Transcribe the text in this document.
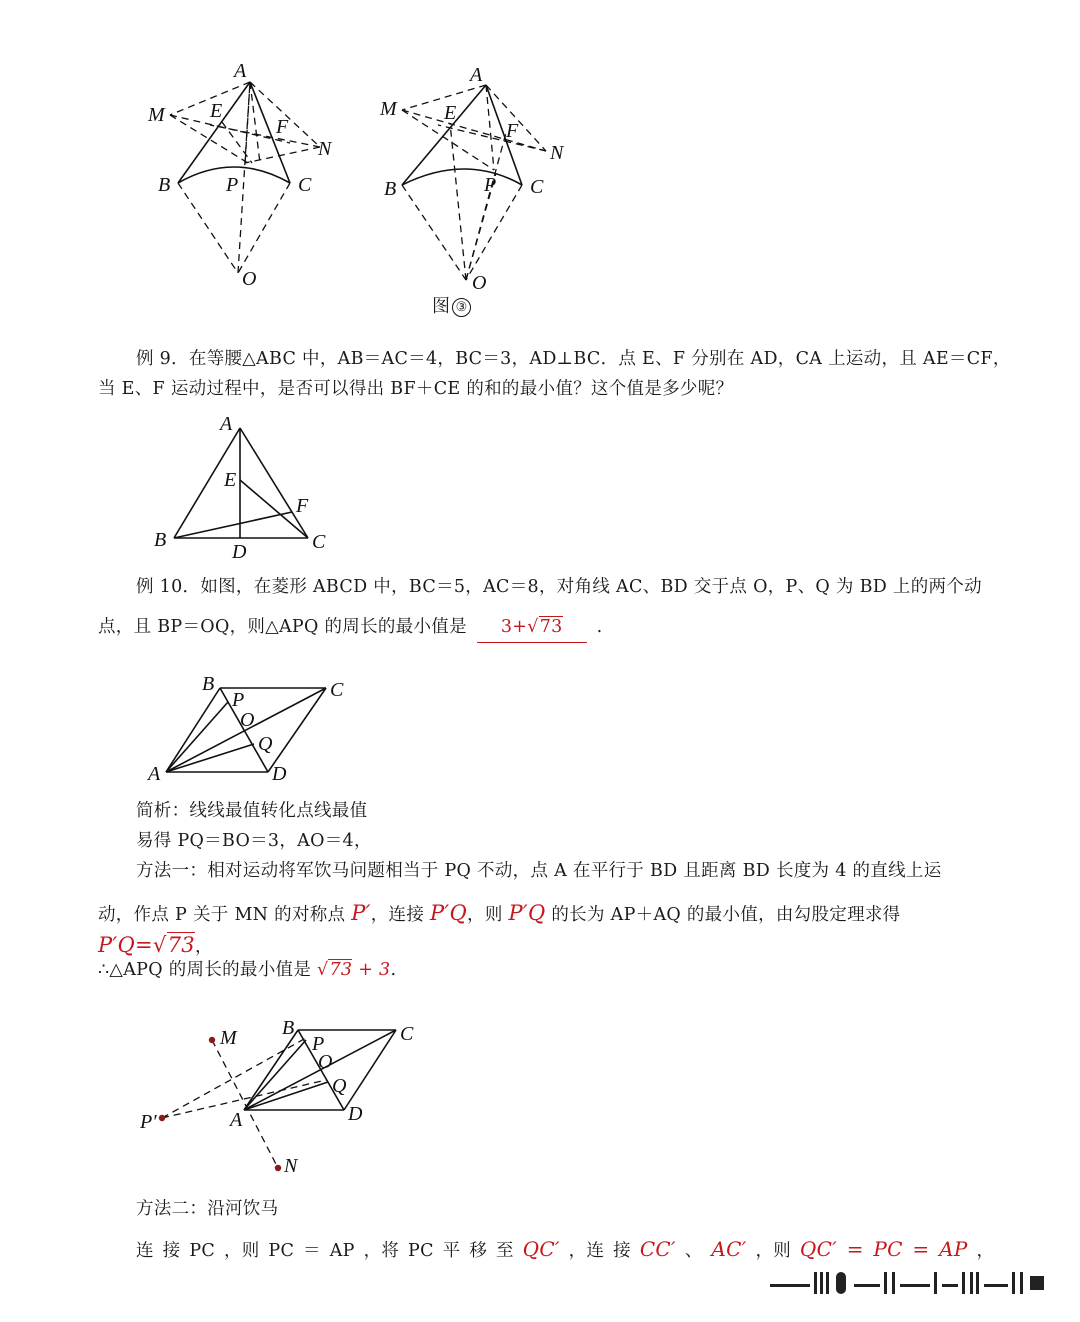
A
M E
F
N
B	P	C
O
A
M E
F
N
B	P C
O
图 ③
例 9．在等腰△ABC 中，AB＝AC＝4，BC＝3，AD⊥BC．点 E、F 分别在 AD，CA 上运动，且 AE＝CF，
当 E、F 运动过程中，是否可以得出 BF＋CE 的和的最小值？这个值是多少呢？
A
E
F
B
D	C
例 10．如图，在菱形 ABCD 中，BC＝5，AC＝8，对角线 AC、BD 交于点 O，P、Q 为 BD 上的两个动
点，且 BP＝OQ，则△APQ 的周长的最小值是 3+√73 .
B	C
P
O
Q
A	D
简析：线线最值转化点线最值
易得 PQ＝BO＝3，AO＝4，
方法一：相对运动将军饮马问题相当于 PQ 不动，点 A 在平行于 BD 且距离 BD 长度为 4 的直线上运
动，作点 P 关于 MN 的对称点 P′，连接 P′Q，则 P′Q 的长为 AP＋AQ 的最小值，由勾股定理求得 P′Q=√73，
∴△APQ 的周长的最小值是 √73 + 3.
M B
P	C
O
Q
P′	A	D
N
方法二：沿河饮马
连 接 PC ，则 PC ＝ AP ，将 PC 平 移 至 QC′ ，连 接 CC′ 、 AC′ ，则 QC′ = PC = AP ，
